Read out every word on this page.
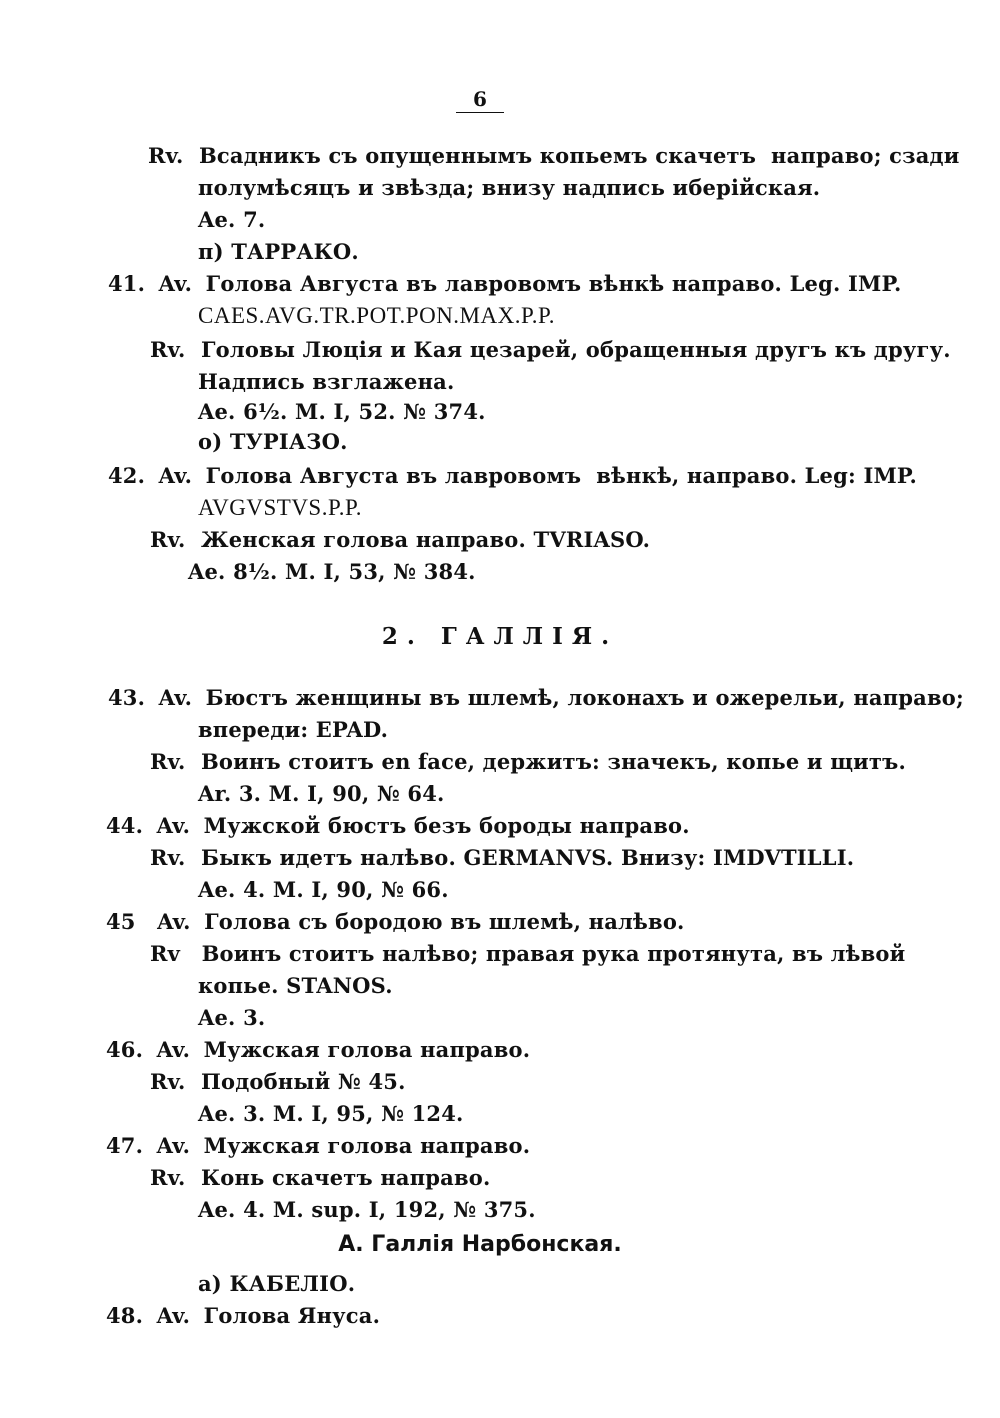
6
Rv. Всадникъ съ опущеннымъ копьемъ скачетъ  направо; сзади
полумѣсяцъ и звѣзда; внизу надпись иберійская.
Ae. 7.
п) ТАРРАКО.
41. Av. Голова Августа въ лавровомъ вѣнкѣ направо. Leg. IMP.
CAES.AVG.TR.POT.PON.MAX.P.P.
Rv. Головы Люція и Кая цезарей, обращенныя другъ къ другу.
Надпись взглажена.
Ae. 6½. M. I, 52. № 374.
о) ТУРІАЗО.
42. Av. Голова Августа въ лавровомъ  вѣнкѣ, направо. Leg: IMP.
AVGVSTVS.P.P.
Rv. Женская голова направо. TVRIASO.
Ae. 8½. M. I, 53, № 384.
2. ГАЛЛІЯ.
43. Av. Бюстъ женщины въ шлемѣ, локонахъ и ожерельи, направо;
впереди: EPAD.
Rv. Воинъ стоитъ en face, держитъ: значекъ, копье и щитъ.
Ar. 3. M. I, 90, № 64.
44. Av. Мужской бюстъ безъ бороды направо.
Rv. Быкъ идетъ налѣво. GERMANVS. Внизу: IMDVTILLI.
Ae. 4. M. I, 90, № 66.
45 Av. Голова съ бородою въ шлемѣ, налѣво.
Rv Воинъ стоитъ налѣво; правая рука протянута, въ лѣвой
копье. STANOS.
Ae. 3.
46. Av. Мужская голова направо.
Rv. Подобный № 45.
Ae. 3. M. I, 95, № 124.
47. Av. Мужская голова направо.
Rv. Конь скачетъ направо.
Ae. 4. M. sup. I, 192, № 375.
А. Галлія Нарбонская.
а) КАБЕЛІО.
48. Av. Голова Януса.
